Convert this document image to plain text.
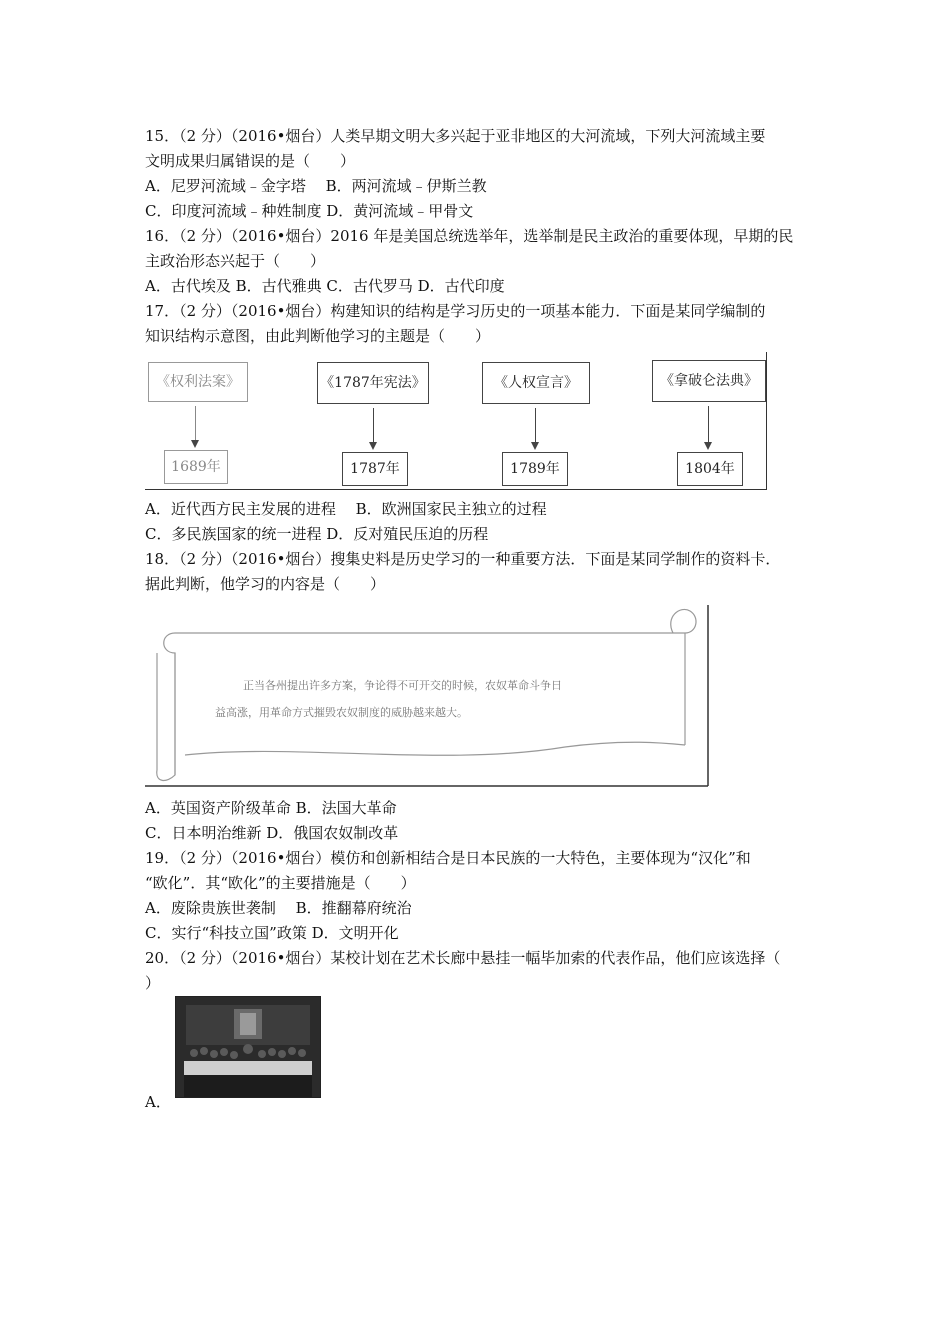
15．（2 分）（2016•烟台）人类早期文明大多兴起于亚非地区的大河流域，下列大河流域主要
文明成果归属错误的是（　　）
A．尼罗河流域﹣金字塔　 B．两河流域﹣伊斯兰教
C．印度河流域﹣种姓制度 D．黄河流域﹣甲骨文
16．（2 分）（2016•烟台）2016 年是美国总统选举年，选举制是民主政治的重要体现，早期的民
主政治形态兴起于（　　）
A．古代埃及 B．古代雅典 C．古代罗马 D．古代印度
17．（2 分）（2016•烟台）构建知识的结构是学习历史的一项基本能力．下面是某同学编制的
知识结构示意图，由此判断他学习的主题是（　　）
《权利法案》	《1787年宪法》	《人权宣言》	《拿破仑法典》
1689年	1787年	1789年	1804年
A．近代西方民主发展的进程　 B．欧洲国家民主独立的过程
C．多民族国家的统一进程 D．反对殖民压迫的历程
18．（2 分）（2016•烟台）搜集史料是历史学习的一种重要方法．下面是某同学制作的资料卡．
据此判断，他学习的内容是（　　）
正当各州提出许多方案，争论得不可开交的时候，农奴革命斗争日
益高涨，用革命方式摧毁农奴制度的威胁越来越大。
A．英国资产阶级革命 B．法国大革命
C．日本明治维新 D．俄国农奴制改革
19．（2 分）（2016•烟台）模仿和创新相结合是日本民族的一大特色，主要体现为“汉化”和
“欧化”．其“欧化”的主要措施是（　　）
A．废除贵族世袭制　 B．推翻幕府统治
C．实行“科技立国”政策 D．文明开化
20．（2 分）（2016•烟台）某校计划在艺术长廊中悬挂一幅毕加索的代表作品，他们应该选择（
）
A．
